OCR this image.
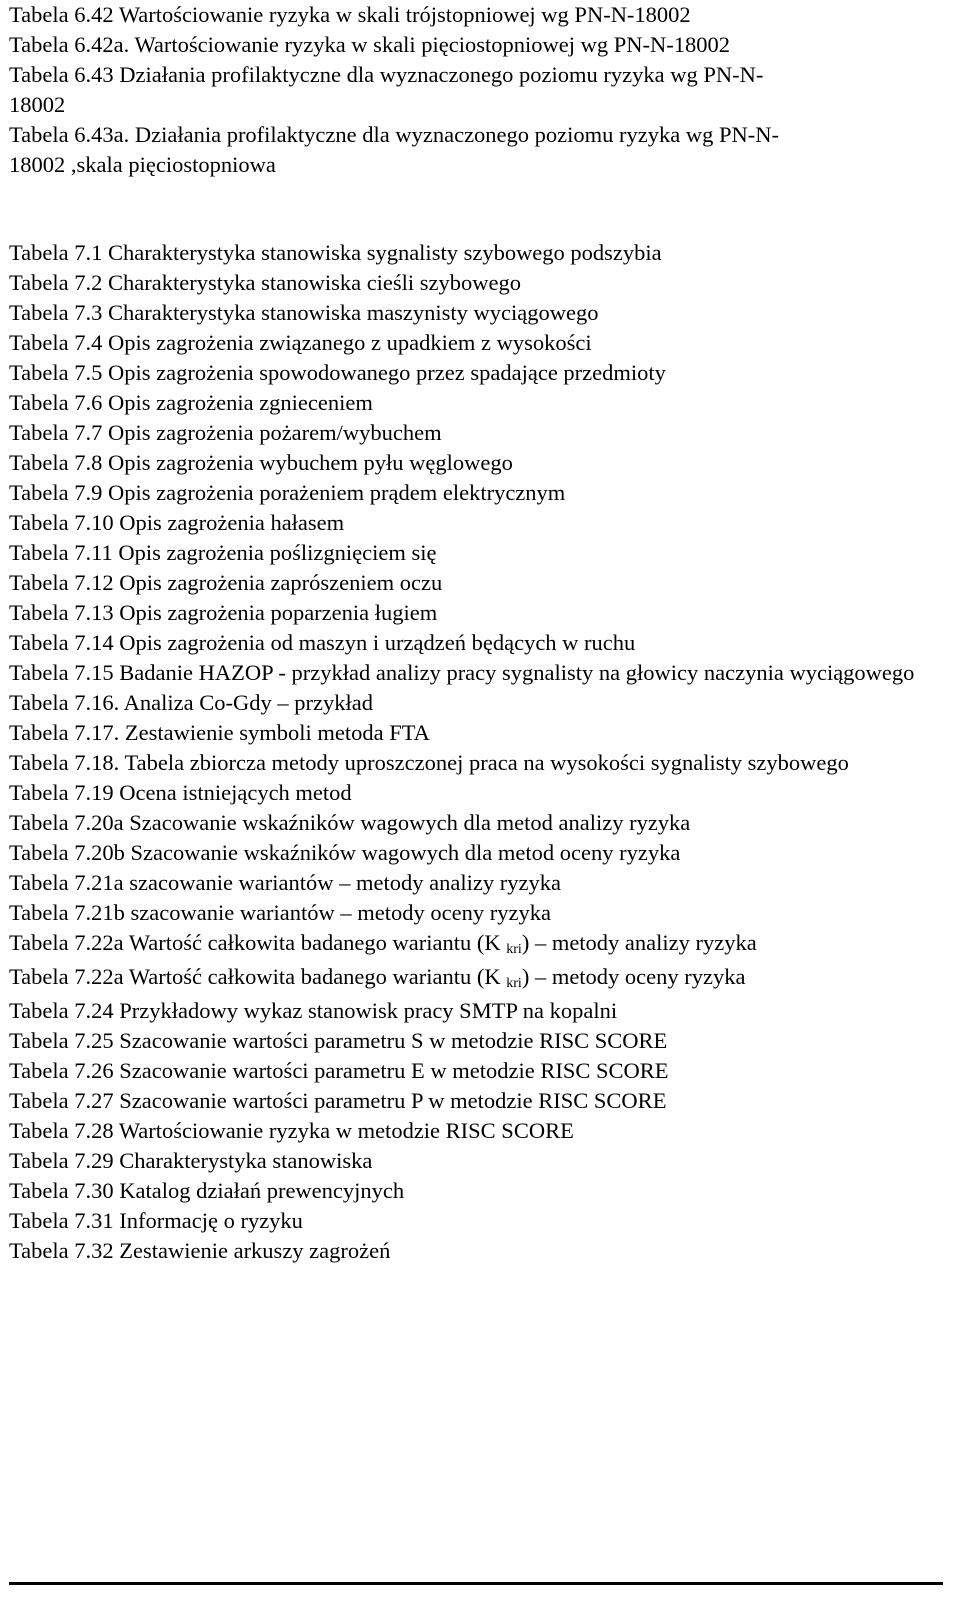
Tabela 6.42 Wartościowanie ryzyka w skali trójstopniowej wg PN-N-18002

Tabela 6.42a. Wartościowanie ryzyka w skali pięciostopniowej wg PN-N-18002

Tabela 6.43 Działania profilaktyczne dla wyznaczonego poziomu ryzyka wg PN-N-18002

Tabela 6.43a. Działania profilaktyczne dla wyznaczonego poziomu ryzyka wg PN-N-18002 ,skala pięciostopniowa

Tabela 7.1 Charakterystyka stanowiska sygnalisty szybowego podszybia

Tabela 7.2 Charakterystyka stanowiska cieśli szybowego

Tabela 7.3 Charakterystyka stanowiska maszynisty wyciągowego

Tabela 7.4 Opis zagrożenia związanego z upadkiem z wysokości

Tabela 7.5 Opis zagrożenia spowodowanego przez spadające przedmioty

Tabela 7.6 Opis zagrożenia zgnieceniem

Tabela 7.7 Opis zagrożenia pożarem/wybuchem

Tabela 7.8 Opis zagrożenia wybuchem pyłu węglowego

Tabela 7.9 Opis zagrożenia porażeniem prądem elektrycznym

Tabela 7.10 Opis zagrożenia hałasem

Tabela 7.11 Opis zagrożenia poślizgnięciem się

Tabela 7.12 Opis zagrożenia zaprószeniem oczu

Tabela 7.13 Opis zagrożenia poparzenia ługiem

Tabela 7.14 Opis zagrożenia od maszyn i urządzeń będących w ruchu

Tabela 7.15 Badanie HAZOP - przykład analizy pracy sygnalisty na głowicy naczynia wyciągowego

Tabela 7.16. Analiza Co-Gdy – przykład

Tabela 7.17. Zestawienie symboli metoda FTA

Tabela 7.18. Tabela zbiorcza metody uproszczonej praca na wysokości sygnalisty szybowego

Tabela 7.19 Ocena istniejących metod

Tabela 7.20a Szacowanie wskaźników wagowych dla metod analizy ryzyka

Tabela 7.20b Szacowanie wskaźników wagowych dla metod oceny ryzyka

Tabela 7.21a szacowanie wariantów – metody analizy ryzyka

Tabela 7.21b szacowanie wariantów – metody oceny ryzyka

Tabela 7.22a Wartość całkowita badanego wariantu (K kri) – metody analizy ryzyka

Tabela 7.22a Wartość całkowita badanego wariantu (K kri) – metody oceny ryzyka

Tabela 7.24 Przykładowy wykaz stanowisk pracy SMTP na kopalni

Tabela 7.25 Szacowanie wartości parametru S w metodzie RISC SCORE

Tabela 7.26 Szacowanie wartości parametru E w metodzie RISC SCORE

Tabela 7.27 Szacowanie wartości parametru P w metodzie RISC SCORE

Tabela 7.28 Wartościowanie ryzyka w metodzie RISC SCORE

Tabela 7.29 Charakterystyka stanowiska

Tabela 7.30 Katalog działań prewencyjnych

Tabela 7.31 Informację o ryzyku

Tabela 7.32 Zestawienie arkuszy zagrożeń
